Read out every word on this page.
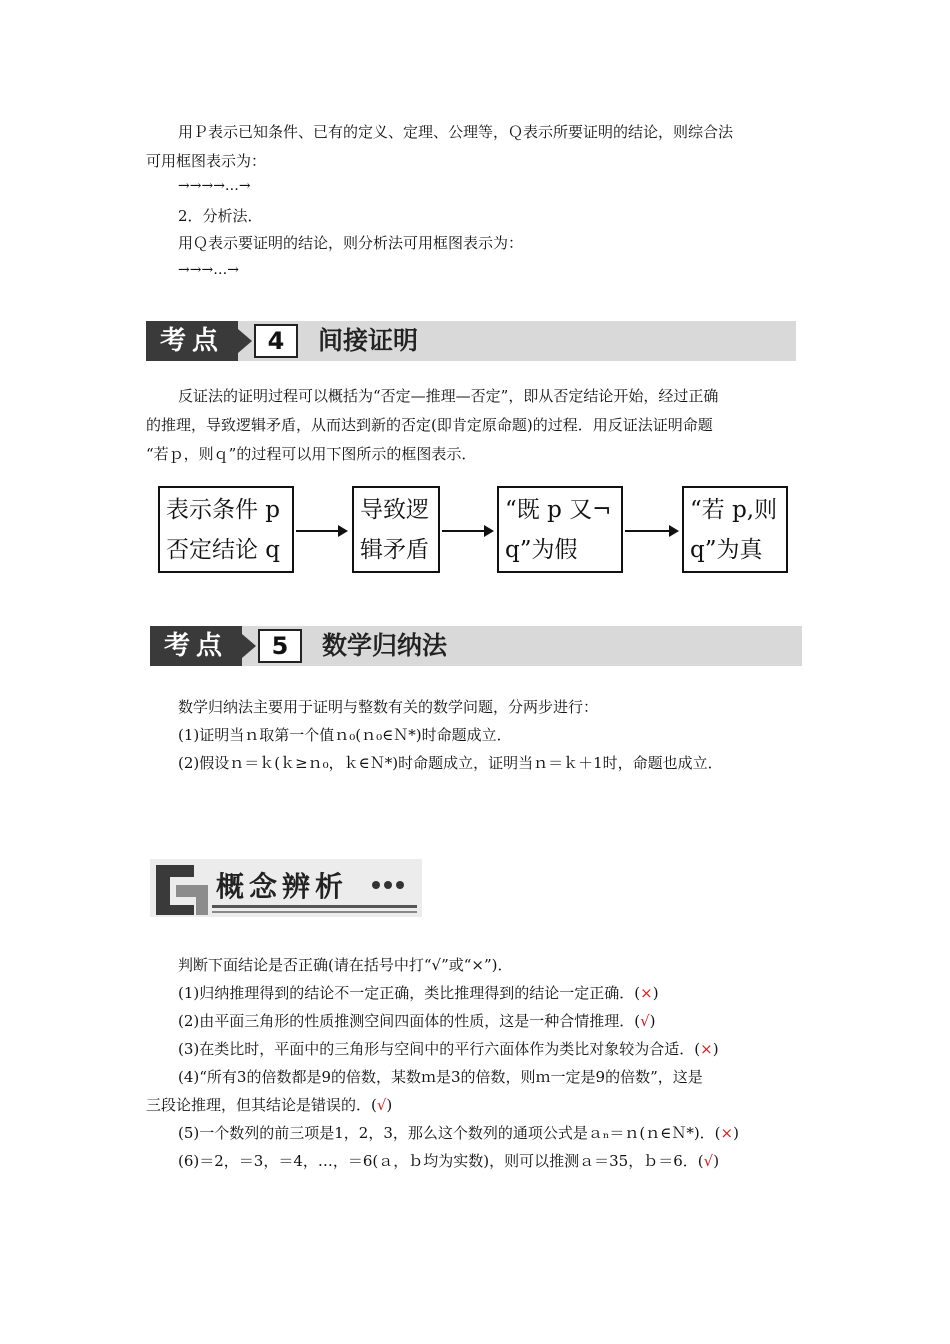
用Ｐ表示已知条件、已有的定义、定理、公理等，Ｑ表示所要证明的结论，则综合法
可用框图表示为：
→→→→…→
2．分析法．
用Ｑ表示要证明的结论，则分析法可用框图表示为：
→→→…→
考点	4	间接证明
反证法的证明过程可以概括为“否定—推理—否定”，即从否定结论开始，经过正确
的推理，导致逻辑矛盾，从而达到新的否定(即肯定原命题)的过程．用反证法证明命题
“若ｐ，则ｑ”的过程可以用下图所示的框图表示．
表示条件 p
否定结论 q
导致逻
辑矛盾
“既 p 又¬
q”为假
“若 p,则
q”为真
考点	5	数学归纳法
数学归纳法主要用于证明与整数有关的数学问题，分两步进行：
(1)证明当ｎ取第一个值ｎ₀(ｎ₀∈Ｎ*)时命题成立．
(2)假设ｎ＝ｋ(ｋ≥ｎ₀，ｋ∈Ｎ*)时命题成立，证明当ｎ＝ｋ＋1时，命题也成立．
概念辨析
判断下面结论是否正确(请在括号中打“√”或“×”)．
(1)归纳推理得到的结论不一定正确，类比推理得到的结论一定正确．(×)
(2)由平面三角形的性质推测空间四面体的性质，这是一种合情推理．(√)
(3)在类比时，平面中的三角形与空间中的平行六面体作为类比对象较为合适．(×)
(4)“所有3的倍数都是9的倍数，某数ｍ是3的倍数，则ｍ一定是9的倍数”，这是
三段论推理，但其结论是错误的．(√)
(5)一个数列的前三项是1，2，3，那么这个数列的通项公式是ａₙ＝ｎ(ｎ∈Ｎ*)．(×)
(6)＝2，＝3，＝4，…，＝6(ａ，ｂ均为实数)，则可以推测ａ＝35，ｂ＝6．(√)
